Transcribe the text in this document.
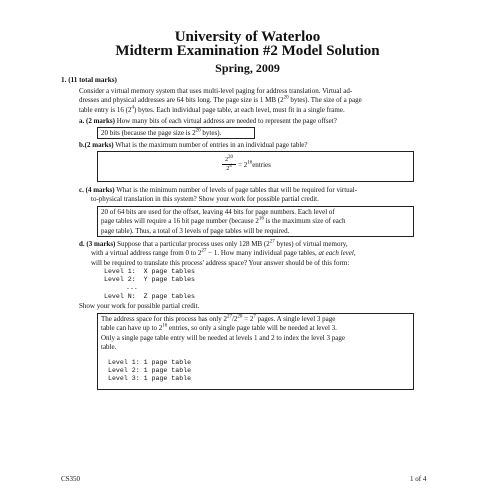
University of Waterloo
Midterm Examination #2 Model Solution
Spring, 2009
1. (11 total marks)
Consider a virtual memory system that uses multi-level paging for address translation. Virtual ad-
dresses and physical addresses are 64 bits long. The page size is 1 MB ($2^{20}$ bytes). The size of a page
table entry is 16 $(2^4)$ bytes. Each individual page table, at each level, must fit in a single frame.
a. (2 marks) How many bits of each virtual address are needed to represent the page offset?
20 bits (because the page size is $2^{20}$ bytes).
b.(2 marks) What is the maximum number of entries in an individual page table?
$2^{20}$
$2^4$ = $2^{16}entries$
c. (4 marks) What is the minimum number of levels of page tables that will be required for virtual-
to-physical translation in this system? Show your work for possible partial credit.
20 of 64 bits are used for the offset, leaving 44 bits for page numbers. Each level of
page tables will require a 16 bit page number (because $2^{16}$ is the maximum size of each
page table). Thus, a total of 3 levels of page tables will be required.
d. (3 marks) Suppose that a particular process uses only 128 MB ($2^{27}$ bytes) of virtual memory,
with a virtual address range from 0 to $2^{27} - 1$. How many individual page tables, at each level,
will be required to translate this process' address space? Your answer should be of this form:
Level 1:  X page tables
Level 2:  Y page tables
...
Level N:  Z page tables
Show your work for possible partial credit.
The address space for this process has only $2^{27}/2^{20} = 2^7$ pages. A single level 3 page
table can have up to $2^{16}$ entries, so only a single page table will be needed at level 3.
Only a single page table entry will be needed at levels 1 and 2 to index the level 3 page
table.
Level 1: 1 page table
Level 2: 1 page table
Level 3: 1 page table
CS350	1 of 4
